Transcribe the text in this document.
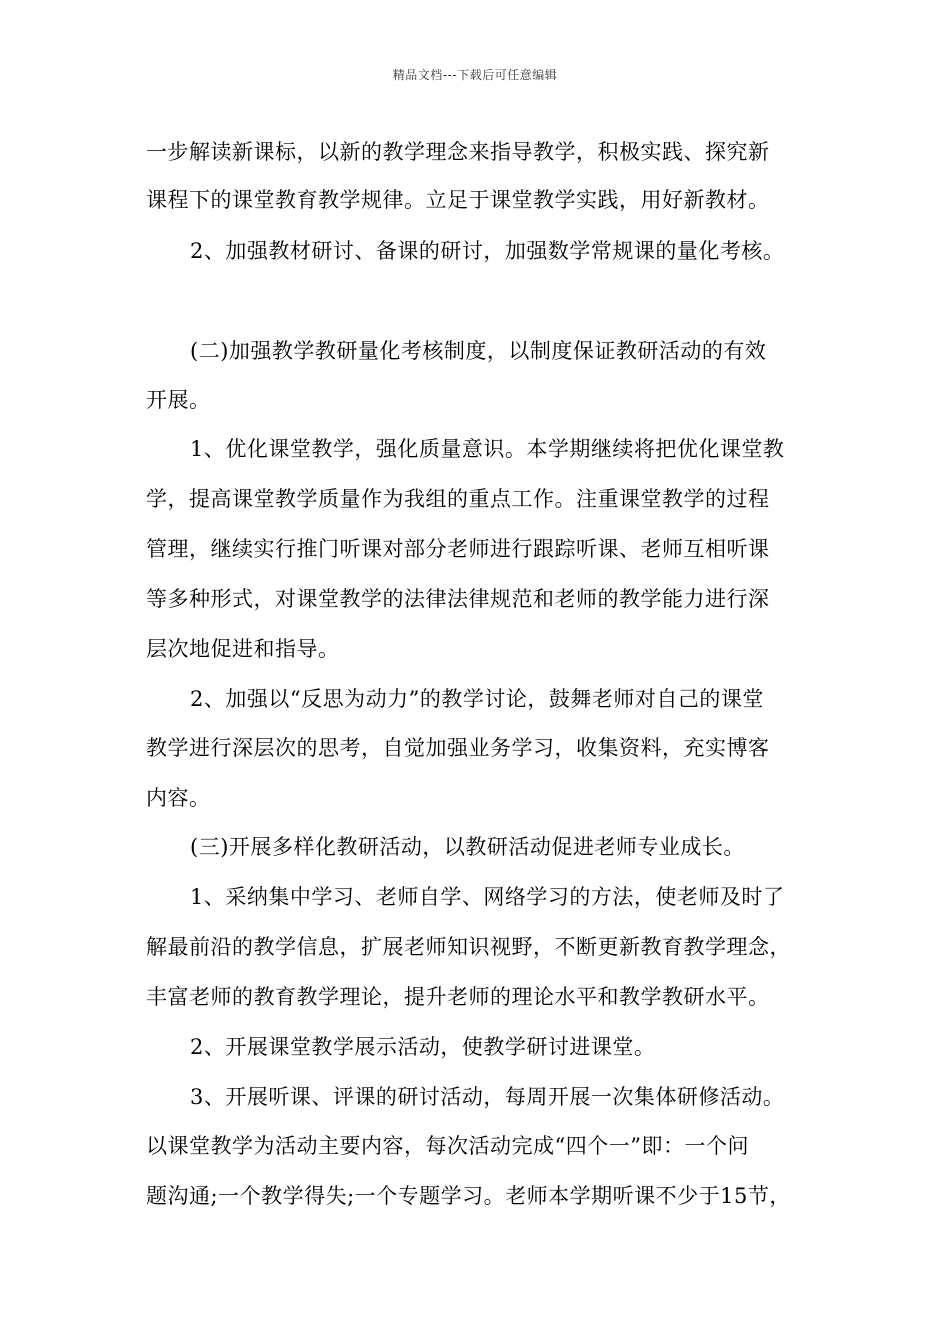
精品文档---下载后可任意编辑
一步解读新课标，以新的教学理念来指导教学，积极实践、探究新
课程下的课堂教育教学规律。立足于课堂教学实践，用好新教材。
2、加强教材研讨、备课的研讨，加强数学常规课的量化考核。
(二)加强教学教研量化考核制度，以制度保证教研活动的有效
开展。
1、优化课堂教学，强化质量意识。本学期继续将把优化课堂教
学，提高课堂教学质量作为我组的重点工作。注重课堂教学的过程
管理，继续实行推门听课对部分老师进行跟踪听课、老师互相听课
等多种形式，对课堂教学的法律法律规范和老师的教学能力进行深
层次地促进和指导。
2、加强以“反思为动力”的教学讨论，鼓舞老师对自己的课堂
教学进行深层次的思考，自觉加强业务学习，收集资料，充实博客
内容。
(三)开展多样化教研活动，以教研活动促进老师专业成长。
1、采纳集中学习、老师自学、网络学习的方法，使老师及时了
解最前沿的教学信息，扩展老师知识视野，不断更新教育教学理念，
丰富老师的教育教学理论，提升老师的理论水平和教学教研水平。
2、开展课堂教学展示活动，使教学研讨进课堂。
3、开展听课、评课的研讨活动，每周开展一次集体研修活动。
以课堂教学为活动主要内容，每次活动完成“四个一”即：一个问
题沟通;一个教学得失;一个专题学习。老师本学期听课不少于15节，
